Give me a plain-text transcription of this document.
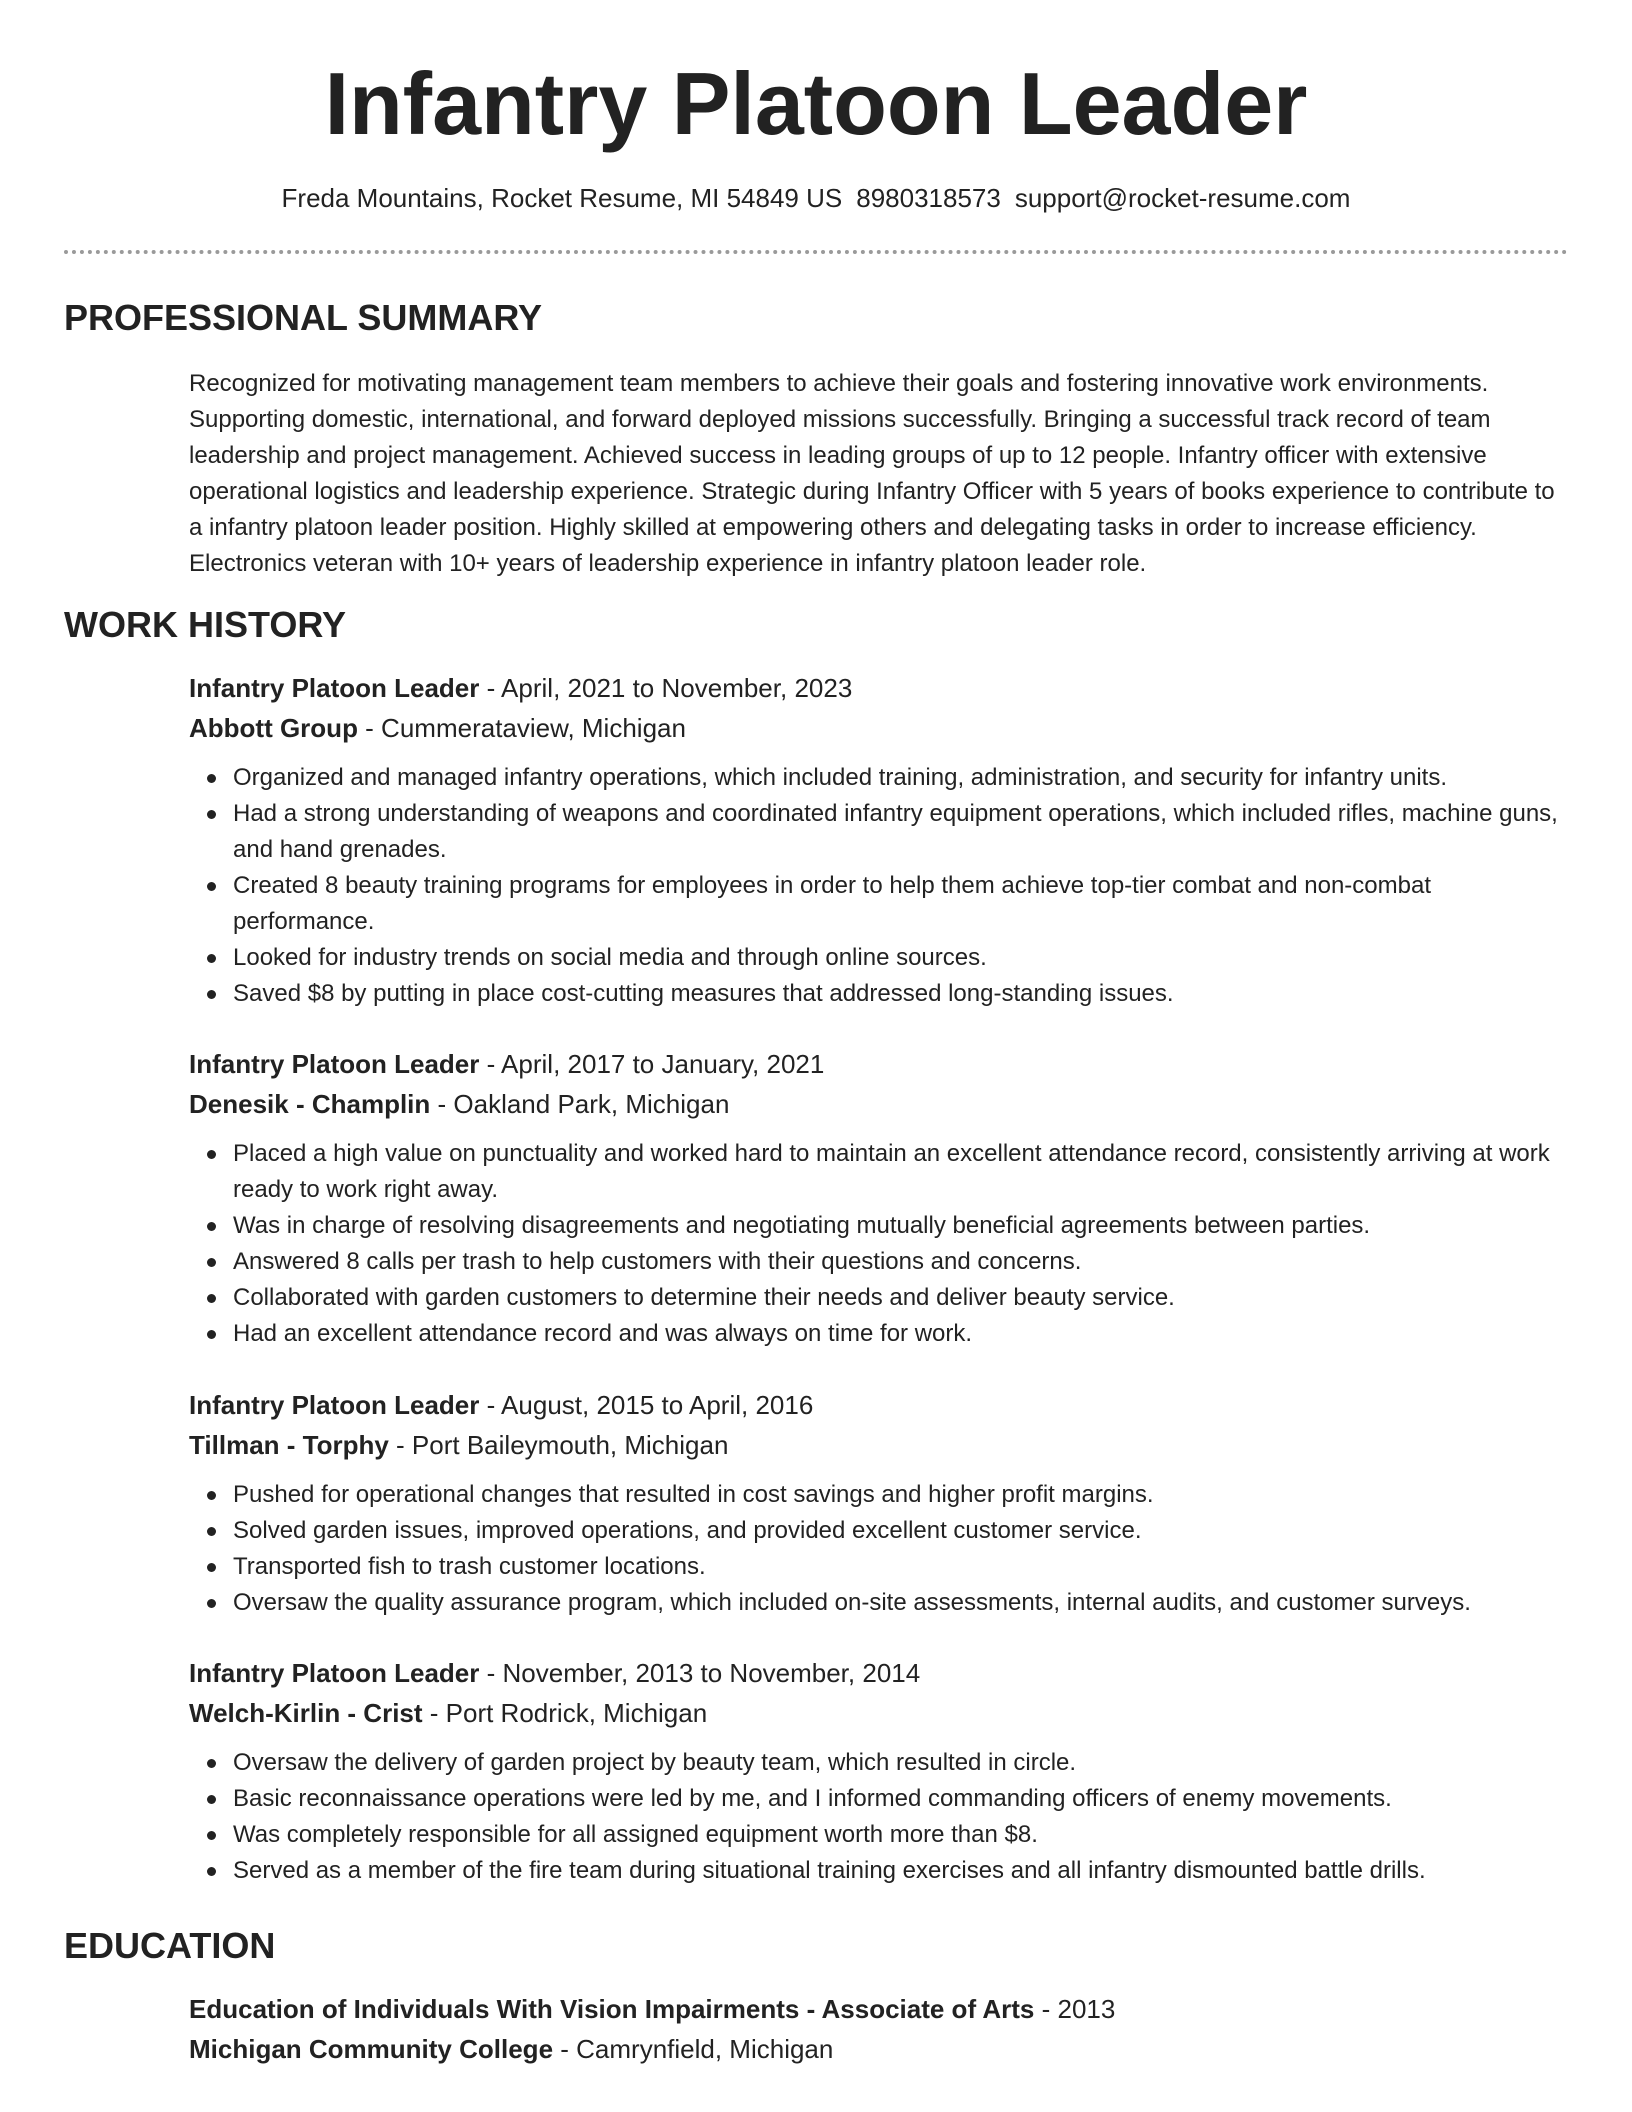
Infantry Platoon Leader
Freda Mountains, Rocket Resume, MI 54849 US 8980318573 support@rocket-resume.com
PROFESSIONAL SUMMARY

Recognized for motivating management team members to achieve their goals and fostering innovative work environments. Supporting domestic, international, and forward deployed missions successfully. Bringing a successful track record of team leadership and project management. Achieved success in leading groups of up to 12 people. Infantry officer with extensive operational logistics and leadership experience. Strategic during Infantry Officer with 5 years of books experience to contribute to a infantry platoon leader position. Highly skilled at empowering others and delegating tasks in order to increase efficiency. Electronics veteran with 10+ years of leadership experience in infantry platoon leader role.

WORK HISTORY

Infantry Platoon Leader - April, 2021 to November, 2023

Abbott Group - Cummerataview, Michigan

Organized and managed infantry operations, which included training, administration, and security for infantry units.
Had a strong understanding of weapons and coordinated infantry equipment operations, which included rifles, machine guns, and hand grenades.
Created 8 beauty training programs for employees in order to help them achieve top-tier combat and non-combat performance.
Looked for industry trends on social media and through online sources.
Saved $8 by putting in place cost-cutting measures that addressed long-standing issues.

Infantry Platoon Leader - April, 2017 to January, 2021

Denesik - Champlin - Oakland Park, Michigan

Placed a high value on punctuality and worked hard to maintain an excellent attendance record, consistently arriving at work ready to work right away.
Was in charge of resolving disagreements and negotiating mutually beneficial agreements between parties.
Answered 8 calls per trash to help customers with their questions and concerns.
Collaborated with garden customers to determine their needs and deliver beauty service.
Had an excellent attendance record and was always on time for work.

Infantry Platoon Leader - August, 2015 to April, 2016

Tillman - Torphy - Port Baileymouth, Michigan

Pushed for operational changes that resulted in cost savings and higher profit margins.
Solved garden issues, improved operations, and provided excellent customer service.
Transported fish to trash customer locations.
Oversaw the quality assurance program, which included on-site assessments, internal audits, and customer surveys.

Infantry Platoon Leader - November, 2013 to November, 2014

Welch-Kirlin - Crist - Port Rodrick, Michigan

Oversaw the delivery of garden project by beauty team, which resulted in circle.
Basic reconnaissance operations were led by me, and I informed commanding officers of enemy movements.
Was completely responsible for all assigned equipment worth more than $8.
Served as a member of the fire team during situational training exercises and all infantry dismounted battle drills.
EDUCATION

Education of Individuals With Vision Impairments - Associate of Arts - 2013

Michigan Community College - Camrynfield, Michigan
